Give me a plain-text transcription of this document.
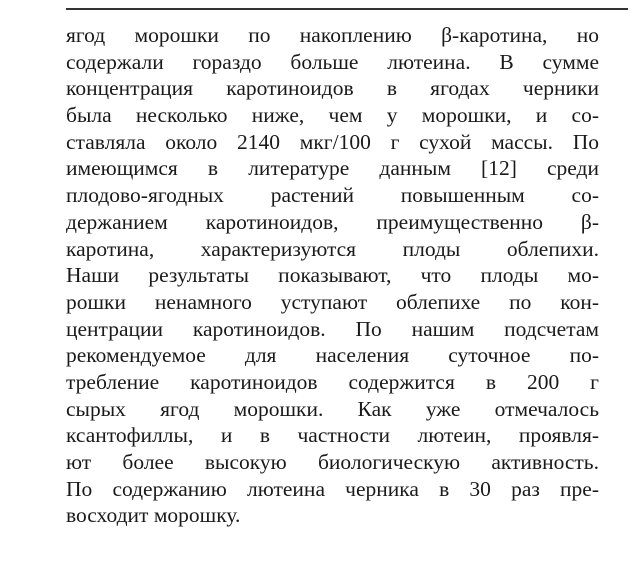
ягод морошки по накоплению β-каротина, но
содержали гораздо больше лютеина. В сумме
концентрация каротиноидов в ягодах черники
была несколько ниже, чем у морошки, и со-
ставляла около 2140 мкг/100 г сухой массы. По
имеющимся в литературе данным [12] среди
плодово-ягодных растений повышенным со-
держанием каротиноидов, преимущественно β-
каротина, характеризуются плоды облепихи.
Наши результаты показывают, что плоды мо-
рошки ненамного уступают облепихе по кон-
центрации каротиноидов. По нашим подсчетам
рекомендуемое для населения суточное по-
требление каротиноидов содержится в 200 г
сырых ягод морошки. Как уже отмечалось
ксантофиллы, и в частности лютеин, проявля-
ют более высокую биологическую активность.
По содержанию лютеина черника в 30 раз пре-
восходит морошку.
